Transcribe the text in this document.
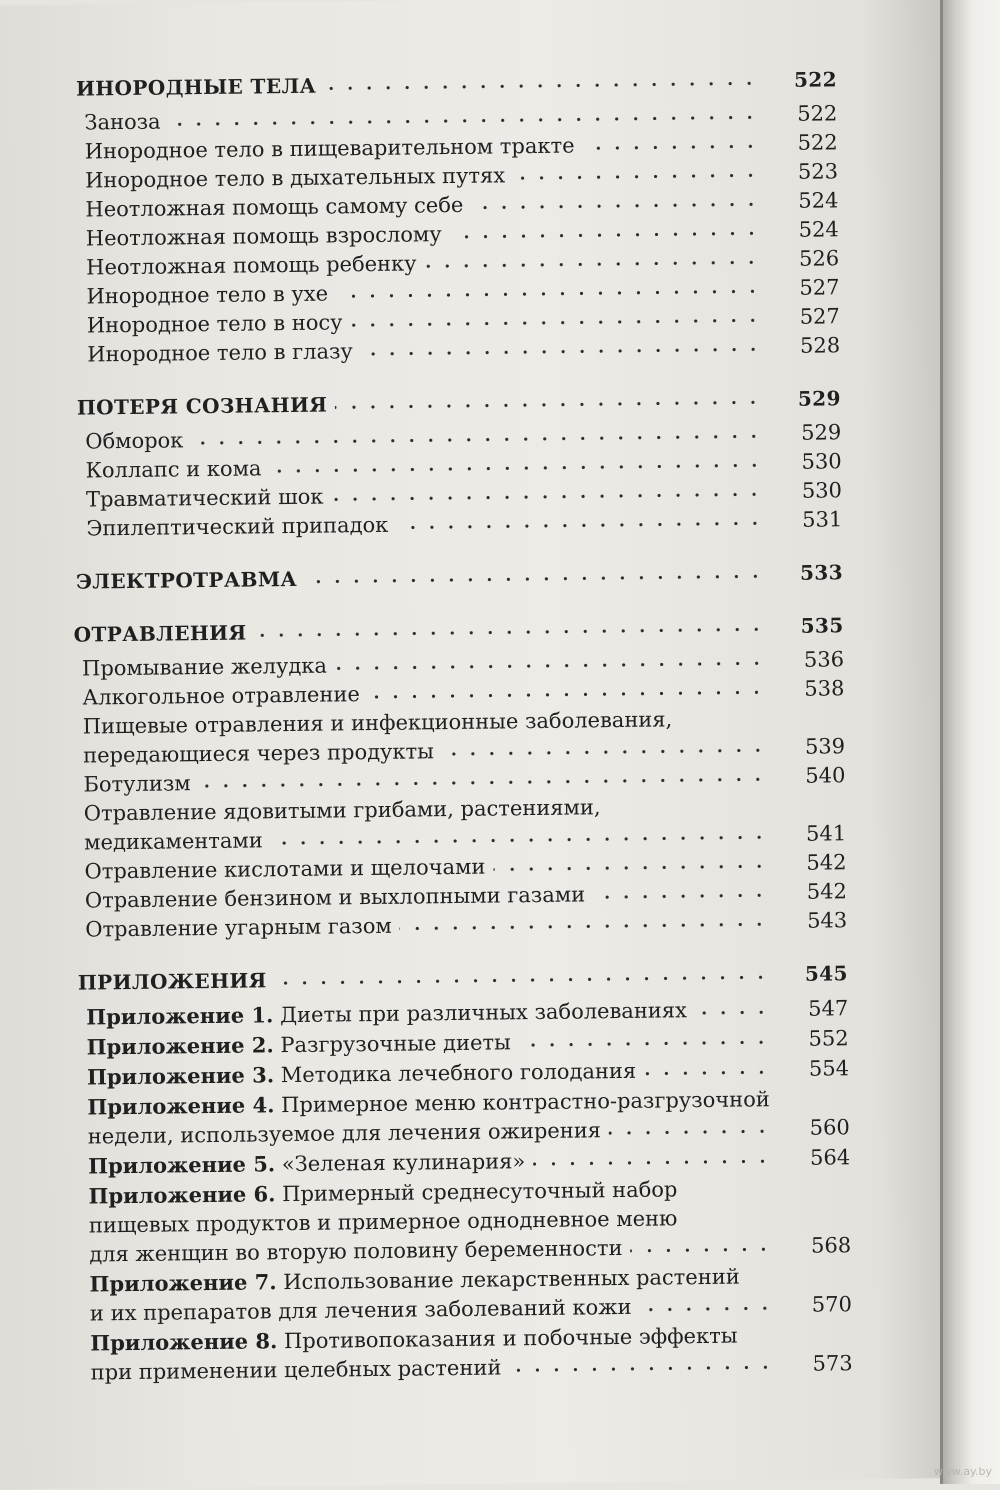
ИНОРОДНЫЕ ТЕЛА	522
Заноза	522
Инородное тело в пищеварительном тракте	522
Инородное тело в дыхательных путях	523
Неотложная помощь самому себе	524
Неотложная помощь взрослому	524
Неотложная помощь ребенку	526
Инородное тело в ухе	527
Инородное тело в носу	527
Инородное тело в глазу	528
ПОТЕРЯ СОЗНАНИЯ	529
Обморок	529
Коллапс и кома	530
Травматический шок	530
Эпилептический припадок	531
ЭЛЕКТРОТРАВМА	533
ОТРАВЛЕНИЯ	535
Промывание желудка	536
Алкогольное отравление	538
Пищевые отравления и инфекционные заболевания,
передающиеся через продукты	539
Ботулизм	540
Отравление ядовитыми грибами, растениями,
медикаментами	541
Отравление кислотами и щелочами	542
Отравление бензином и выхлопными газами	542
Отравление угарным газом	543
ПРИЛОЖЕНИЯ	545
Приложение 1. Диеты при различных заболеваниях	547
Приложение 2. Разгрузочные диеты	552
Приложение 3. Методика лечебного голодания	554
Приложение 4. Примерное меню контрастно-разгрузочной
недели, используемое для лечения ожирения	560
Приложение 5. «Зеленая кулинария»	564
Приложение 6. Примерный среднесуточный набор
пищевых продуктов и примерное однодневное меню
для женщин во вторую половину беременности	568
Приложение 7. Использование лекарственных растений
и их препаратов для лечения заболеваний кожи	570
Приложение 8. Противопоказания и побочные эффекты
при применении целебных растений	573
www.ay.by
